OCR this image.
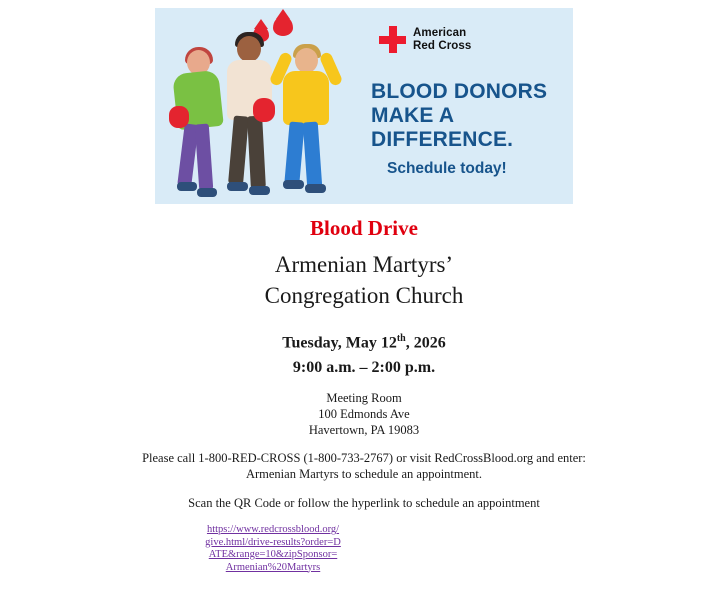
American
Red Cross
BLOOD DONORS
MAKE A DIFFERENCE.
Schedule today!
Blood Drive
Armenian Martyrs’
Congregation Church
Tuesday, May 12th, 2026
9:00 a.m. – 2:00 p.m.
Meeting Room
100 Edmonds Ave
Havertown, PA 19083
Please call 1-800-RED-CROSS (1-800-733-2767) or visit RedCrossBlood.org and enter:
Armenian Martyrs to schedule an appointment.
Scan the QR Code or follow the hyperlink to schedule an appointment
https://www.redcrossblood.org/give.html/drive-results?order=DATE&range=10&zipSponsor=Armenian%20Martyrs
